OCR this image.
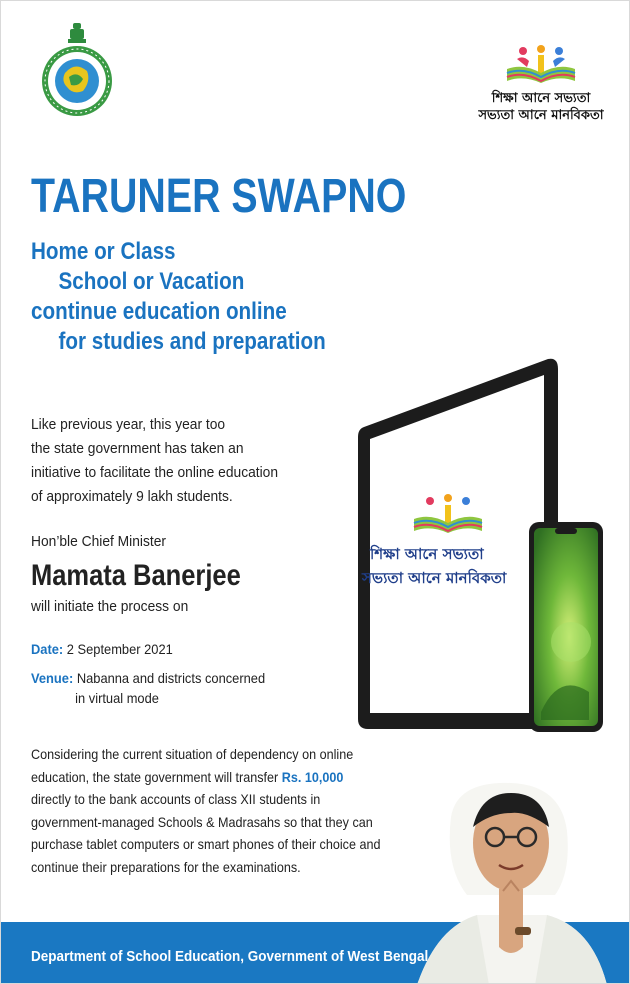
শিক্ষা আনে সভ্যতা
সভ্যতা আনে মানবিকতা
TARUNER SWAPNO
Home or Class
School or Vacation
continue education online
for studies and preparation
Like previous year, this year too
the state government has taken an
initiative to facilitate the online education
of approximately 9 lakh students.
Hon’ble Chief Minister
Mamata Banerjee
will initiate the process on
Date: 2 September 2021
Venue: Nabanna and districts concerned
in virtual mode
Considering the current situation of dependency on online
education, the state government will transfer Rs. 10,000
directly to the bank accounts of class XII students in
government-managed Schools & Madrasahs so that they can
purchase tablet computers or smart phones of their choice and
continue their preparations for the examinations.
শিক্ষা আনে সভ্যতা
সভ্যতা আনে মানবিকতা
Department of School Education, Government of West Bengal
